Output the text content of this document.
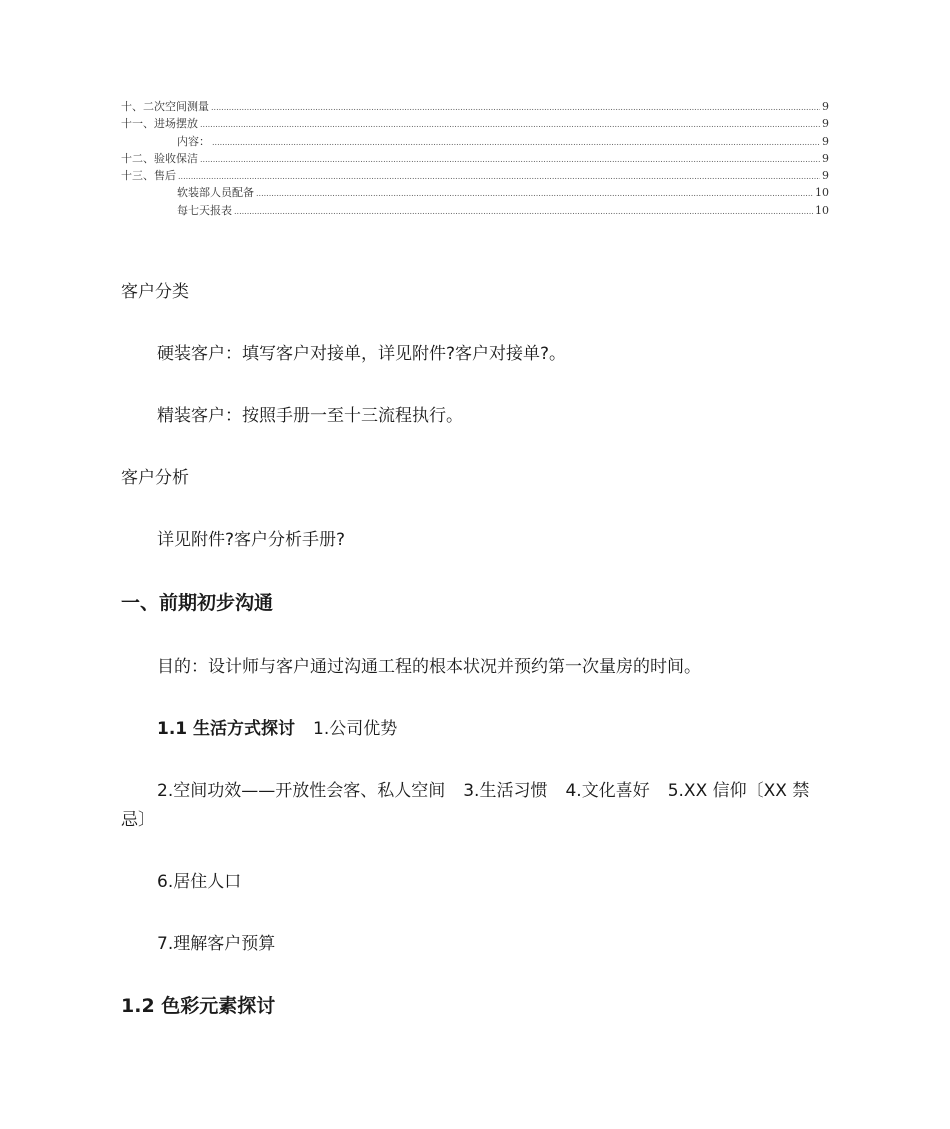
十、二次空间测量 .....	9
十一、进场摆放 .....	9
内容： .....	9
十二、验收保洁 .....	9
十三、售后 .....	9
软装部人员配备 .....	10
每七天报表 .....	10

客户分类

硬装客户：填写客户对接单，详见附件?客户对接单?。

精装客户：按照手册一至十三流程执行。

客户分析

详见附件?客户分析手册?

一、前期初步沟通

目的：设计师与客户通过沟通工程的根本状况并预约第一次量房的时间。

1.1 生活方式探讨 1.公司优势

2.空间功效——开放性会客、私人空间 3.生活习惯 4.文化喜好 5.XX 信仰〔XX 禁忌〕

6.居住人口

7.理解客户预算

1.2 色彩元素探讨
